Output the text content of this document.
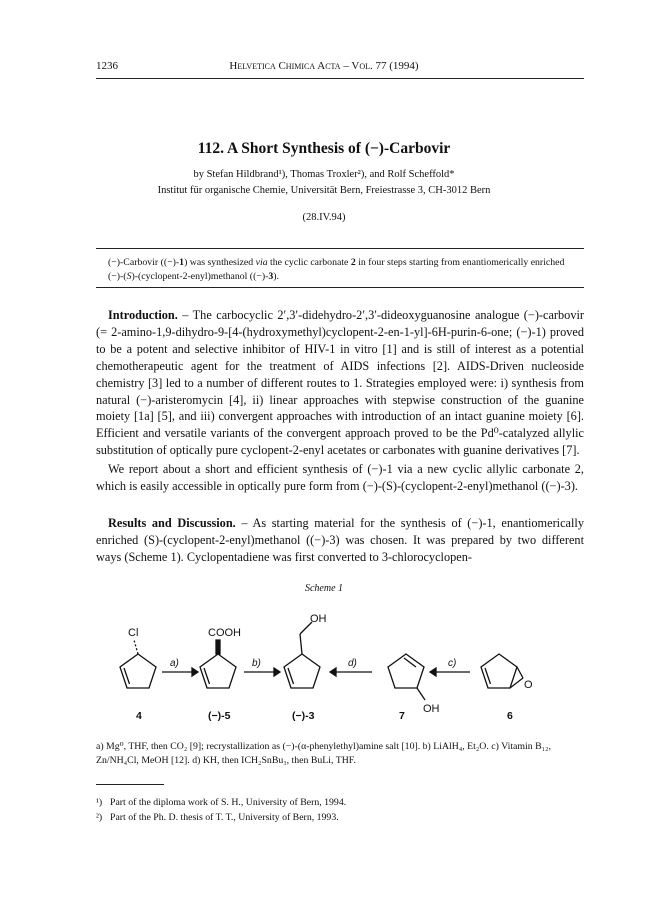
1236	Helvetica Chimica Acta – Vol. 77 (1994)
112. A Short Synthesis of (−)-Carbovir
by Stefan Hildbrand¹), Thomas Troxler²), and Rolf Scheffold*
Institut für organische Chemie, Universität Bern, Freiestrasse 3, CH-3012 Bern
(28.IV.94)
(−)-Carbovir ((−)-1) was synthesized via the cyclic carbonate 2 in four steps starting from enantiomerically enriched (−)-(S)-(cyclopent-2-enyl)methanol ((−)-3).
Introduction. – The carbocyclic 2′,3′-didehydro-2′,3′-dideoxyguanosine analogue (−)-carbovir (= 2-amino-1,9-dihydro-9-[4-(hydroxymethyl)cyclopent-2-en-1-yl]-6H-purin-6-one; (−)-1) proved to be a potent and selective inhibitor of HIV-1 in vitro [1] and is still of interest as a potential chemotherapeutic agent for the treatment of AIDS infections [2]. AIDS-Driven nucleoside chemistry [3] led to a number of different routes to 1. Strategies employed were: i) synthesis from natural (−)-aristeromycin [4], ii) linear approaches with stepwise construction of the guanine moiety [1a] [5], and iii) convergent approaches with introduction of an intact guanine moiety [6]. Efficient and versatile variants of the convergent approach proved to be the Pd⁰-catalyzed allylic substitution of optically pure cyclopent-2-enyl acetates or carbonates with guanine derivatives [7].
We report about a short and efficient synthesis of (−)-1 via a new cyclic allylic carbonate 2, which is easily accessible in optically pure form from (−)-(S)-(cyclopent-2-enyl)methanol ((−)-3).
Results and Discussion. – As starting material for the synthesis of (−)-1, enantiomerically enriched (S)-(cyclopent-2-enyl)methanol ((−)-3) was chosen. It was prepared by two different ways (Scheme 1). Cyclopentadiene was first converted to 3-chlorocyclopen-
Scheme 1
Cl	COOH
OH
OH
O
a)	b)	d)	c)
4	(−)-5	(−)-3	7	6
a) Mg⁰, THF, then CO₂ [9]; recrystallization as (−)-(α-phenylethyl)amine salt [10]. b) LiAlH₄, Et₂O. c) Vitamin B₁₂, Zn/NH₄Cl, MeOH [12]. d) KH, then ICH₂SnBu₃, then BuLi, THF.
¹) Part of the diploma work of S. H., University of Bern, 1994.
²) Part of the Ph. D. thesis of T. T., University of Bern, 1993.
